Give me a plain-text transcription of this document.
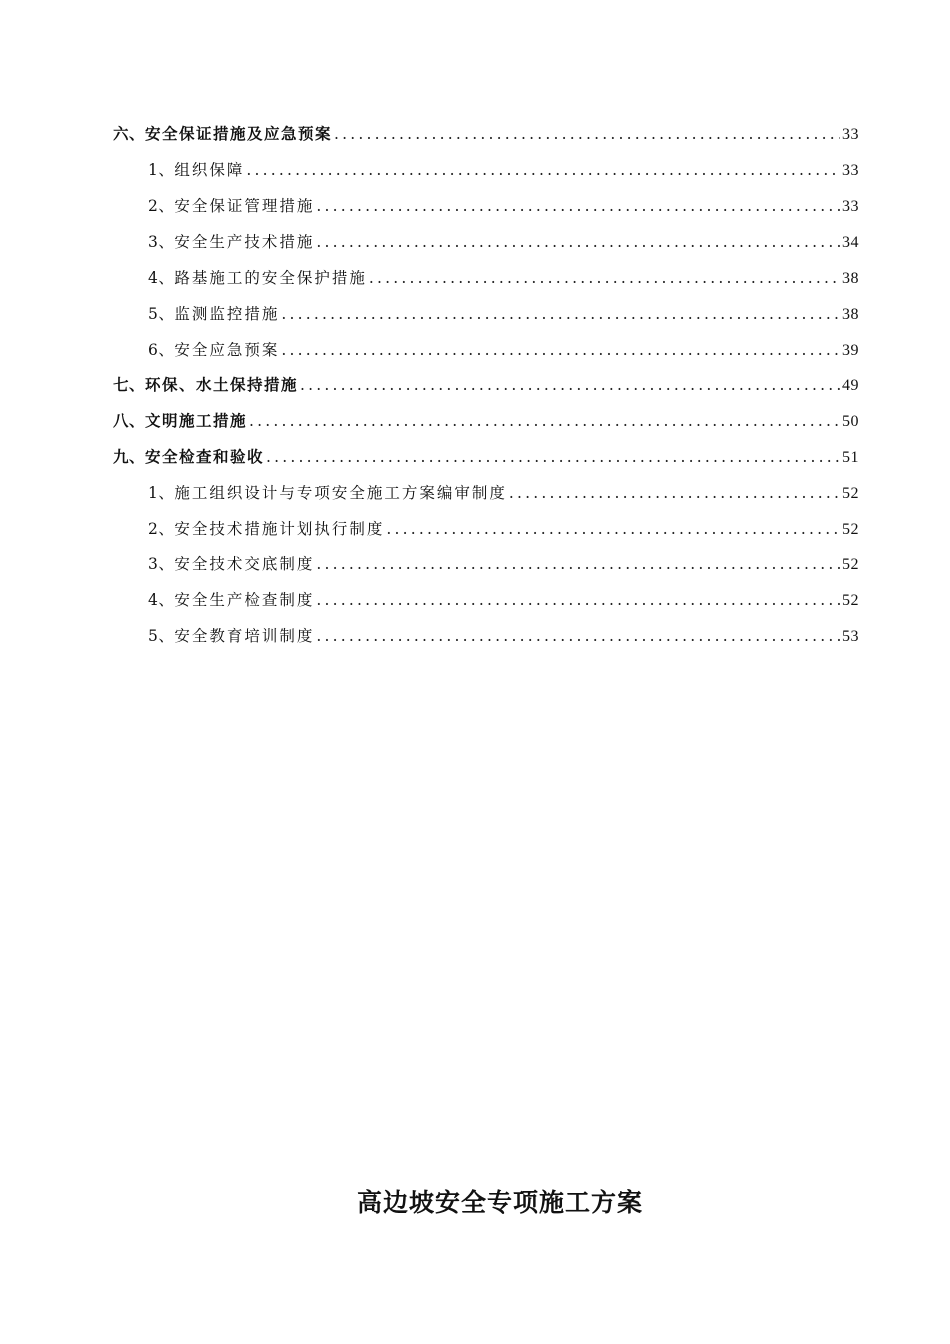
六、 安全保证措施及应急预案 .....	33
1、 组织保障 .....	33
2、 安全保证管理措施 .....	33
3、 安全生产技术措施 .....	34
4、 路基施工的安全保护措施 .....	38
5、 监测监控措施 .....	38
6、 安全应急预案 .....	39
七、 环保、水土保持措施 .....	49
八、 文明施工措施 .....	50
九、 安全检查和验收 .....	51
1、 施工组织设计与专项安全施工方案编审制度 .....	52
2、 安全技术措施计划执行制度 .....	52
3、 安全技术交底制度 .....	52
4、 安全生产检查制度 .....	52
5、 安全教育培训制度 .....	53
高边坡安全专项施工方案
